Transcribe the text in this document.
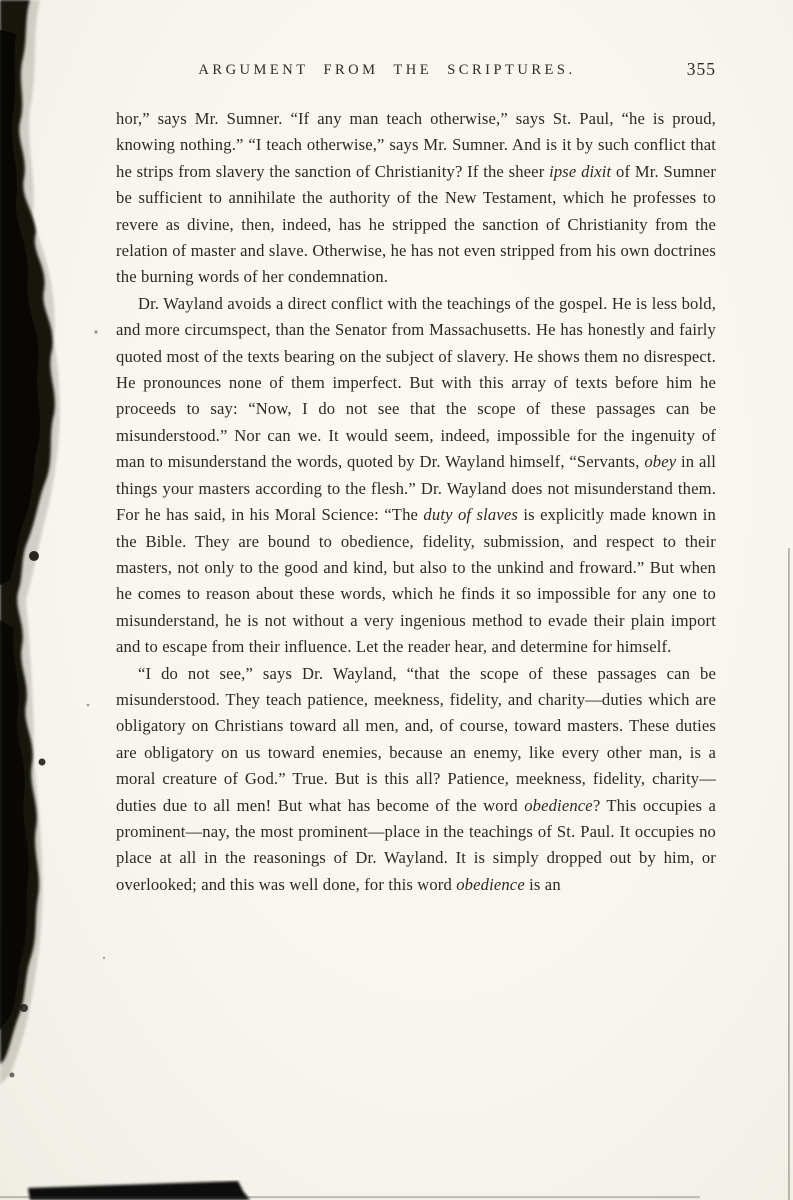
ARGUMENT FROM THE SCRIPTURES.	355

hor,” says Mr. Sumner. “If any man teach otherwise,” says St. Paul, “he is proud, knowing nothing.” “I teach otherwise,” says Mr. Sumner. And is it by such conflict that he strips from slavery the sanction of Christianity? If the sheer ipse dixit of Mr. Sumner be sufficient to annihilate the authority of the New Testament, which he professes to revere as divine, then, indeed, has he stripped the sanction of Christianity from the relation of master and slave. Otherwise, he has not even stripped from his own doctrines the burning words of her condemnation.

Dr. Wayland avoids a direct conflict with the teachings of the gospel. He is less bold, and more circumspect, than the Senator from Massachusetts. He has honestly and fairly quoted most of the texts bearing on the subject of slavery. He shows them no disrespect. He pronounces none of them imperfect. But with this array of texts before him he proceeds to say: “Now, I do not see that the scope of these passages can be misunderstood.” Nor can we. It would seem, indeed, impossible for the ingenuity of man to misunderstand the words, quoted by Dr. Wayland himself, “Servants, obey in all things your masters according to the flesh.” Dr. Wayland does not misunderstand them. For he has said, in his Moral Science: “The duty of slaves is explicitly made known in the Bible. They are bound to obedience, fidelity, submission, and respect to their masters, not only to the good and kind, but also to the unkind and froward.” But when he comes to reason about these words, which he finds it so impossible for any one to misunderstand, he is not without a very ingenious method to evade their plain import and to escape from their influence. Let the reader hear, and determine for himself.

“I do not see,” says Dr. Wayland, “that the scope of these passages can be misunderstood. They teach patience, meekness, fidelity, and charity—duties which are obligatory on Christians toward all men, and, of course, toward masters. These duties are obligatory on us toward enemies, because an enemy, like every other man, is a moral creature of God.” True. But is this all? Patience, meekness, fidelity, charity—duties due to all men! But what has become of the word obedience? This occupies a prominent—nay, the most prominent—place in the teachings of St. Paul. It occupies no place at all in the reasonings of Dr. Wayland. It is simply dropped out by him, or overlooked; and this was well done, for this word obedience is an
